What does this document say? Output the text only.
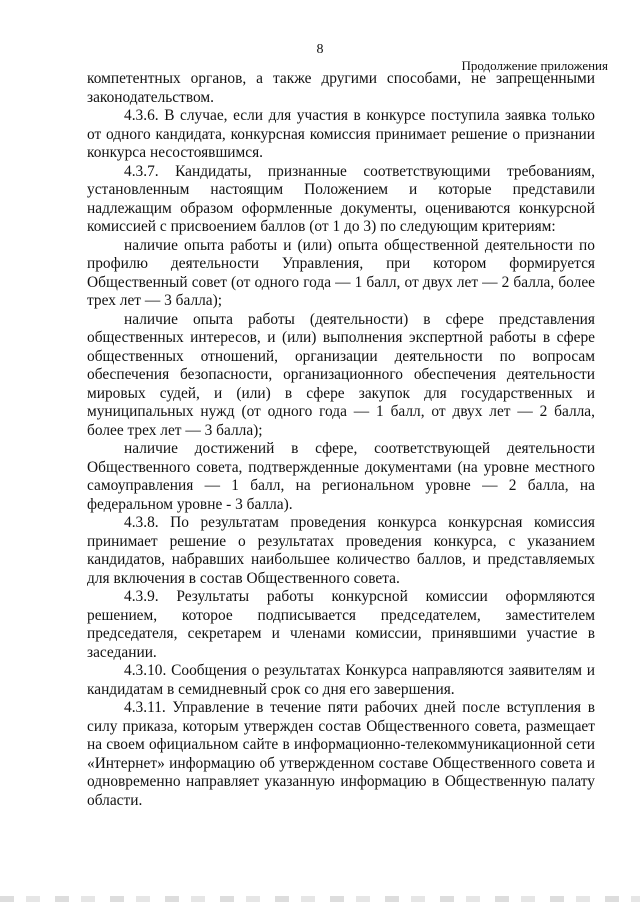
8
Продолжение приложения

компетентных органов, а также другими способами, не запрещенными законодательством.

4.3.6. В случае, если для участия в конкурсе поступила заявка только от одного кандидата, конкурсная комиссия принимает решение о признании конкурса несостоявшимся.

4.3.7. Кандидаты, признанные соответствующими требованиям, установленным настоящим Положением и которые представили надлежащим образом оформленные документы, оцениваются конкурсной комиссией с присвоением баллов (от 1 до 3) по следующим критериям:

наличие опыта работы и (или) опыта общественной деятельности по профилю деятельности Управления, при котором формируется Общественный совет (от одного года — 1 балл, от двух лет — 2 балла, более трех лет — 3 балла);

наличие опыта работы (деятельности) в сфере представления общественных интересов, и (или) выполнения экспертной работы в сфере общественных отношений, организации деятельности по вопросам обеспечения безопасности, организационного обеспечения деятельности мировых судей, и (или) в сфере закупок для государственных и муниципальных нужд (от одного года — 1 балл, от двух лет — 2 балла, более трех лет — 3 балла);

наличие достижений в сфере, соответствующей деятельности Общественного совета, подтвержденные документами (на уровне местного самоуправления — 1 балл, на региональном уровне — 2 балла, на федеральном уровне - 3 балла).

4.3.8. По результатам проведения конкурса конкурсная комиссия принимает решение о результатах проведения конкурса, с указанием кандидатов, набравших наибольшее количество баллов, и представляемых для включения в состав Общественного совета.

4.3.9. Результаты работы конкурсной комиссии оформляются решением, которое подписывается председателем, заместителем председателя, секретарем и членами комиссии, принявшими участие в заседании.

4.3.10. Сообщения о результатах Конкурса направляются заявителям и кандидатам в семидневный срок со дня его завершения.

4.3.11. Управление в течение пяти рабочих дней после вступления в силу приказа, которым утвержден состав Общественного совета, размещает на своем официальном сайте в информационно-телекоммуникационной сети «Интернет» информацию об утвержденном составе Общественного совета и одновременно направляет указанную информацию в Общественную палату области.
